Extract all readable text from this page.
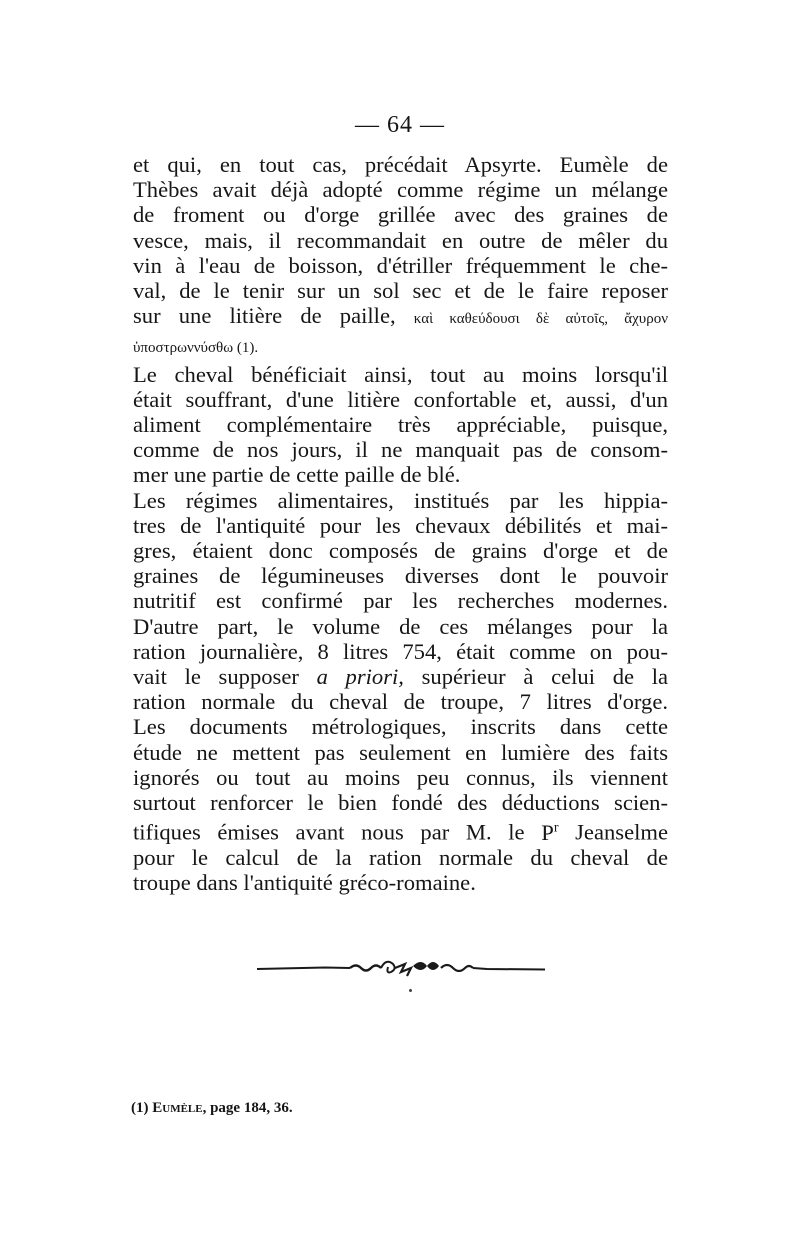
— 64 —
et qui, en tout cas, précédait Apsyrte. Eumèle de
Thèbes avait déjà adopté comme régime un mélange
de froment ou d'orge grillée avec des graines de
vesce, mais, il recommandait en outre de mêler du
vin à l'eau de boisson, d'étriller fréquemment le che-
val, de le tenir sur un sol sec et de le faire reposer
sur une litière de paille, καὶ καθεύδουσι δὲ αὐτοῖς, ἄχυρον
ὑποστρωννύσθω (1).
Le cheval bénéficiait ainsi, tout au moins lorsqu'il
était souffrant, d'une litière confortable et, aussi, d'un
aliment complémentaire très appréciable, puisque,
comme de nos jours, il ne manquait pas de consom-
mer une partie de cette paille de blé.
Les régimes alimentaires, institués par les hippia-
tres de l'antiquité pour les chevaux débilités et mai-
gres, étaient donc composés de grains d'orge et de
graines de légumineuses diverses dont le pouvoir
nutritif est confirmé par les recherches modernes.
D'autre part, le volume de ces mélanges pour la
ration journalière, 8 litres 754, était comme on pou-
vait le supposer a priori, supérieur à celui de la
ration normale du cheval de troupe, 7 litres d'orge.
Les documents métrologiques, inscrits dans cette
étude ne mettent pas seulement en lumière des faits
ignorés ou tout au moins peu connus, ils viennent
surtout renforcer le bien fondé des déductions scien-
tifiques émises avant nous par M. le $P^r$ Jeanselme
pour le calcul de la ration normale du cheval de
troupe dans l'antiquité gréco-romaine.
(1) Eumèle, page 184, 36.
